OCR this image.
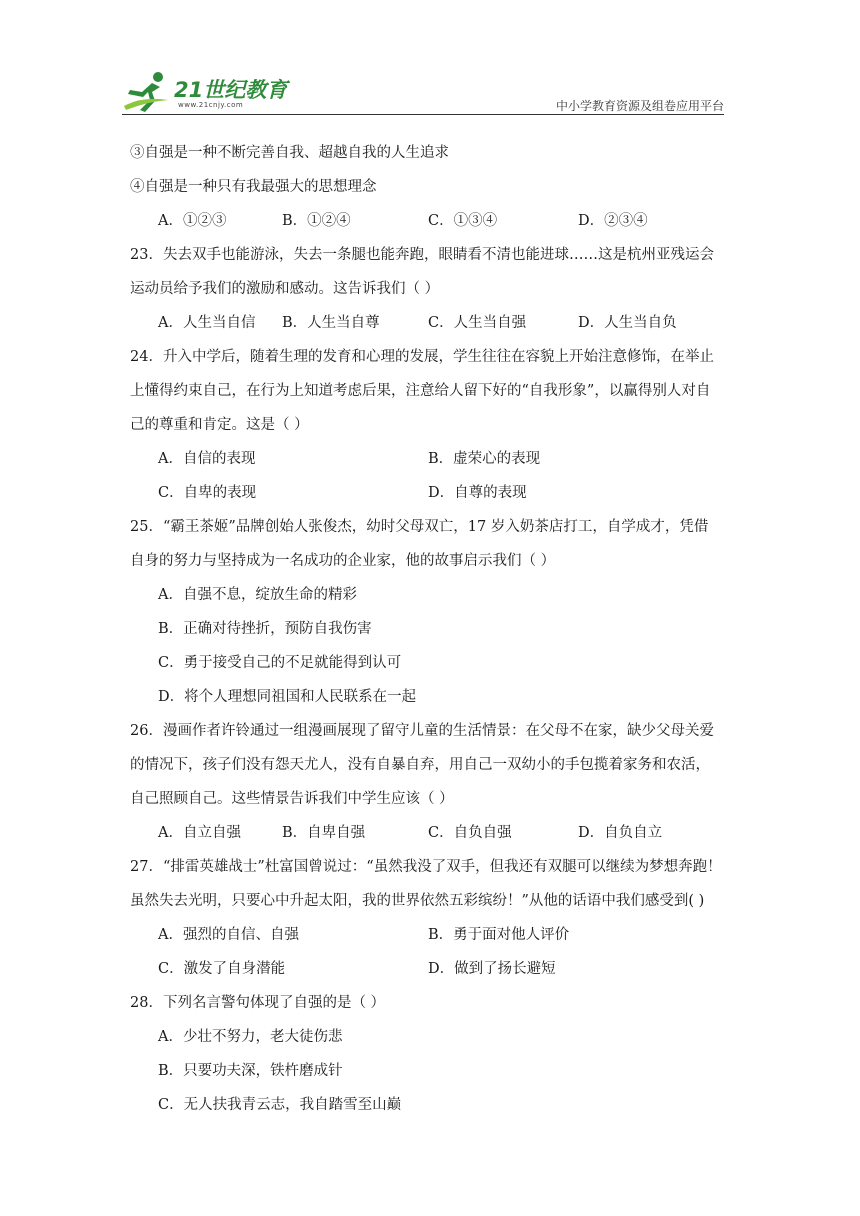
21世纪教育
www.21cnjy.com	中小学教育资源及组卷应用平台
③自强是一种不断完善自我、超越自我的人生追求
④自强是一种只有我最强大的思想理念
A．①②③	B．①②④	C．①③④	D．②③④
23．失去双手也能游泳，失去一条腿也能奔跑，眼睛看不清也能进球……这是杭州亚残运会
运动员给予我们的激励和感动。这告诉我们（ ）
A．人生当自信	B．人生当自尊	C．人生当自强	D．人生当自负
24．升入中学后，随着生理的发育和心理的发展，学生往往在容貌上开始注意修饰，在举止
上懂得约束自己，在行为上知道考虑后果，注意给人留下好的“自我形象”，以赢得别人对自
己的尊重和肯定。这是（ ）
A．自信的表现	B．虚荣心的表现
C．自卑的表现	D．自尊的表现
25．“霸王茶姬”品牌创始人张俊杰，幼时父母双亡，17 岁入奶茶店打工，自学成才，凭借
自身的努力与坚持成为一名成功的企业家，他的故事启示我们（ ）
A．自强不息，绽放生命的精彩
B．正确对待挫折，预防自我伤害
C．勇于接受自己的不足就能得到认可
D．将个人理想同祖国和人民联系在一起
26．漫画作者许铃通过一组漫画展现了留守儿童的生活情景：在父母不在家，缺少父母关爱
的情况下，孩子们没有怨天尤人，没有自暴自弃，用自己一双幼小的手包揽着家务和农活，
自己照顾自己。这些情景告诉我们中学生应该（ ）
A．自立自强	B．自卑自强	C．自负自强	D．自负自立
27．“排雷英雄战士”杜富国曾说过：“虽然我没了双手，但我还有双腿可以继续为梦想奔跑！
虽然失去光明，只要心中升起太阳，我的世界依然五彩缤纷！”从他的话语中我们感受到( )
A．强烈的自信、自强	B．勇于面对他人评价
C．激发了自身潜能	D．做到了扬长避短
28．下列名言警句体现了自强的是（ ）
A．少壮不努力，老大徒伤悲
B．只要功夫深，铁杵磨成针
C．无人扶我青云志，我自踏雪至山巅
